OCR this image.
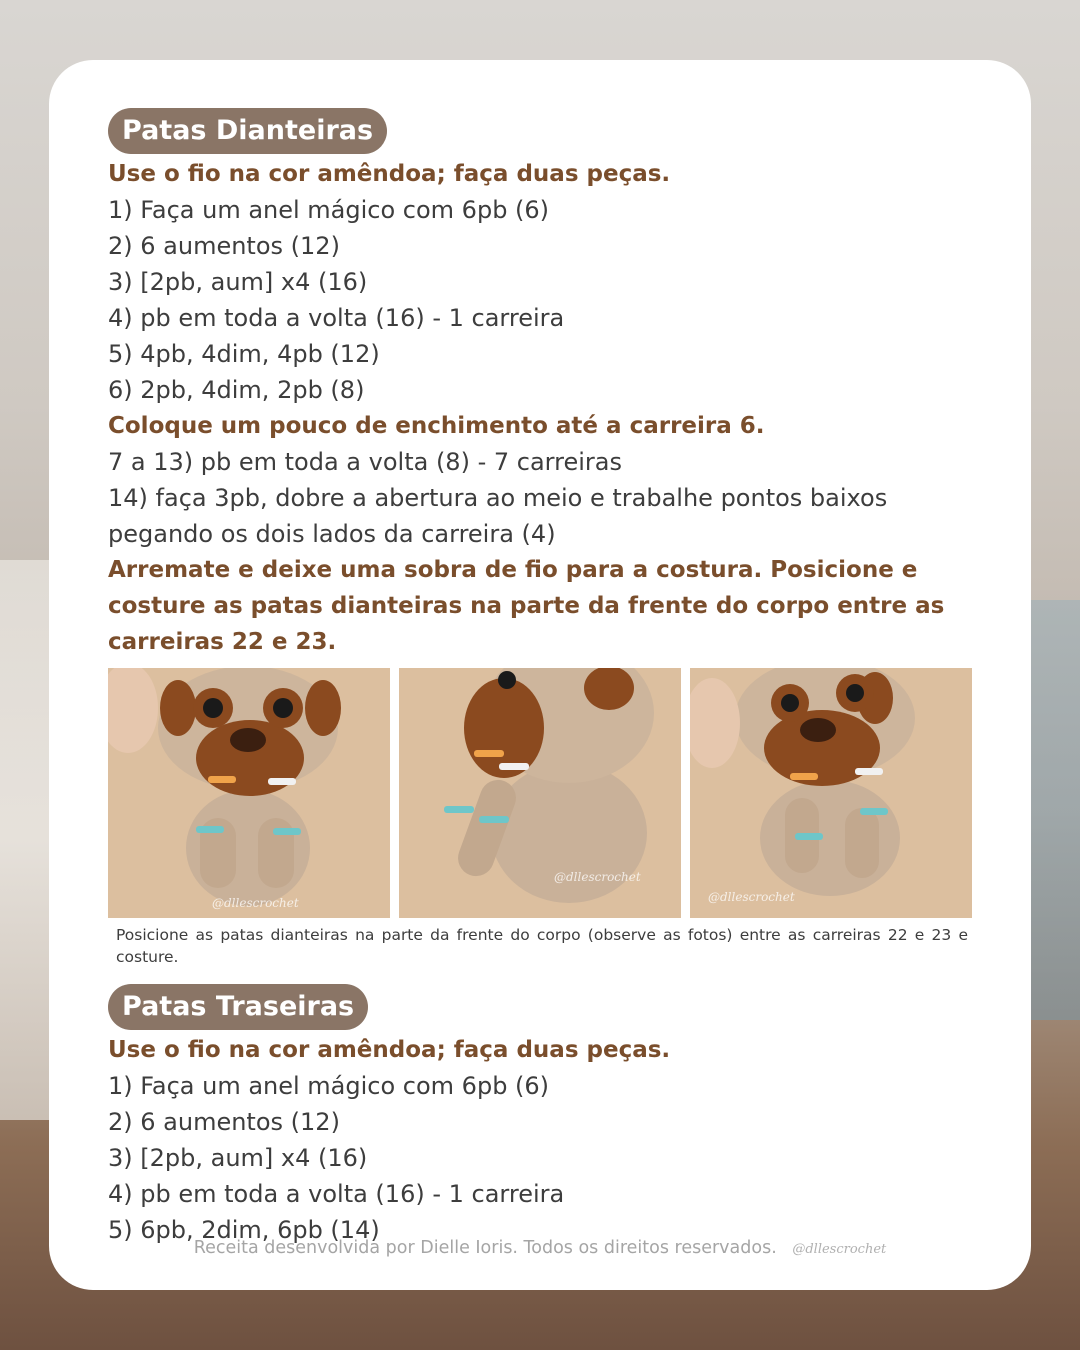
Patas Dianteiras
Use o fio na cor amêndoa; faça duas peças.
1) Faça um anel mágico com 6pb (6)
2) 6 aumentos (12)
3) [2pb, aum] x4 (16)
4) pb em toda a volta (16) - 1 carreira
5) 4pb, 4dim, 4pb (12)
6) 2pb, 4dim, 2pb (8)
Coloque um pouco de enchimento até a carreira 6.
7 a 13) pb em toda a volta (8) - 7 carreiras
14) faça 3pb, dobre a abertura ao meio e trabalhe pontos baixos pegando os dois lados da carreira (4)
Arremate e deixe uma sobra de fio para a costura. Posicione e costure as patas dianteiras na parte da frente do corpo entre as carreiras 22 e 23.
@dllescrochet
@dllescrochet
@dllescrochet
Posicione as patas dianteiras na parte da frente do corpo (observe as fotos) entre as carreiras 22 e 23 e costure.
Patas Traseiras
Use o fio na cor amêndoa; faça duas peças.
1) Faça um anel mágico com 6pb (6)
2) 6 aumentos (12)
3) [2pb, aum] x4 (16)
4) pb em toda a volta (16) - 1 carreira
5) 6pb, 2dim, 6pb (14)
Receita desenvolvida por Dielle Ioris. Todos os direitos reservados. @dllescrochet
